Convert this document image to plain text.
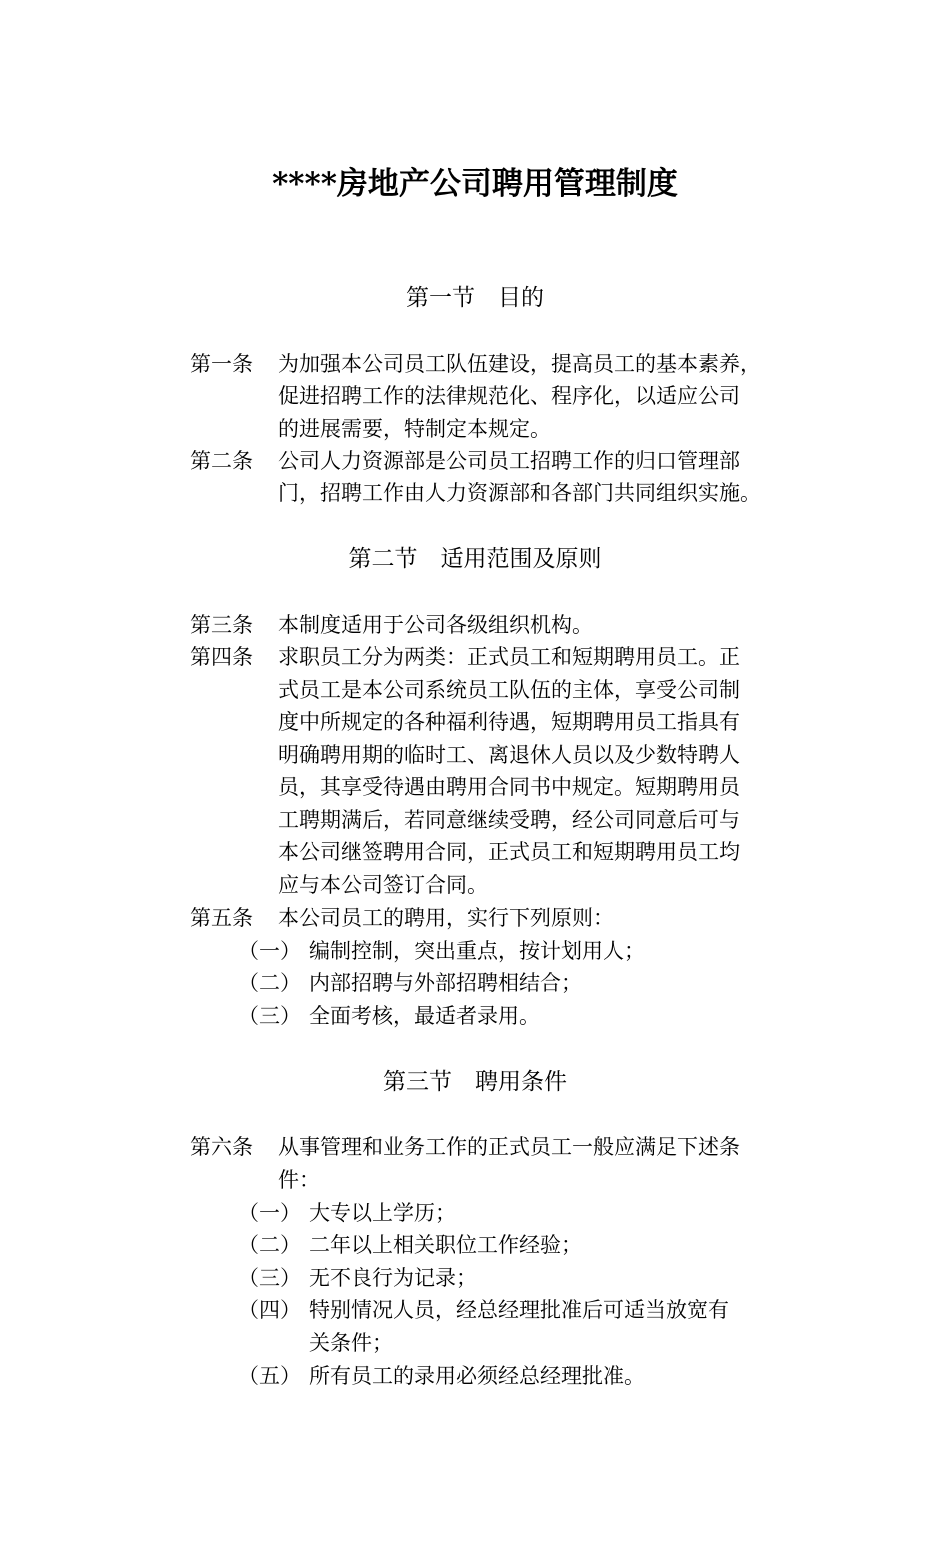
****房地产公司聘用管理制度
第一节　目的
第一条 为加强本公司员工队伍建设，提高员工的基本素养，
促进招聘工作的法律规范化、程序化，以适应公司
的进展需要，特制定本规定。
第二条 公司人力资源部是公司员工招聘工作的归口管理部
门，招聘工作由人力资源部和各部门共同组织实施。
第二节　适用范围及原则
第三条 本制度适用于公司各级组织机构。
第四条 求职员工分为两类：正式员工和短期聘用员工。正
式员工是本公司系统员工队伍的主体，享受公司制
度中所规定的各种福利待遇，短期聘用员工指具有
明确聘用期的临时工、离退休人员以及少数特聘人
员，其享受待遇由聘用合同书中规定。短期聘用员
工聘期满后，若同意继续受聘，经公司同意后可与
本公司继签聘用合同，正式员工和短期聘用员工均
应与本公司签订合同。
第五条 本公司员工的聘用，实行下列原则：
（一） 编制控制，突出重点，按计划用人；
（二） 内部招聘与外部招聘相结合；
（三） 全面考核，最适者录用。
第三节　聘用条件
第六条 从事管理和业务工作的正式员工一般应满足下述条
件：
（一） 大专以上学历；
（二） 二年以上相关职位工作经验；
（三） 无不良行为记录；
（四） 特别情况人员，经总经理批准后可适当放宽有
关条件；
（五） 所有员工的录用必须经总经理批准。
